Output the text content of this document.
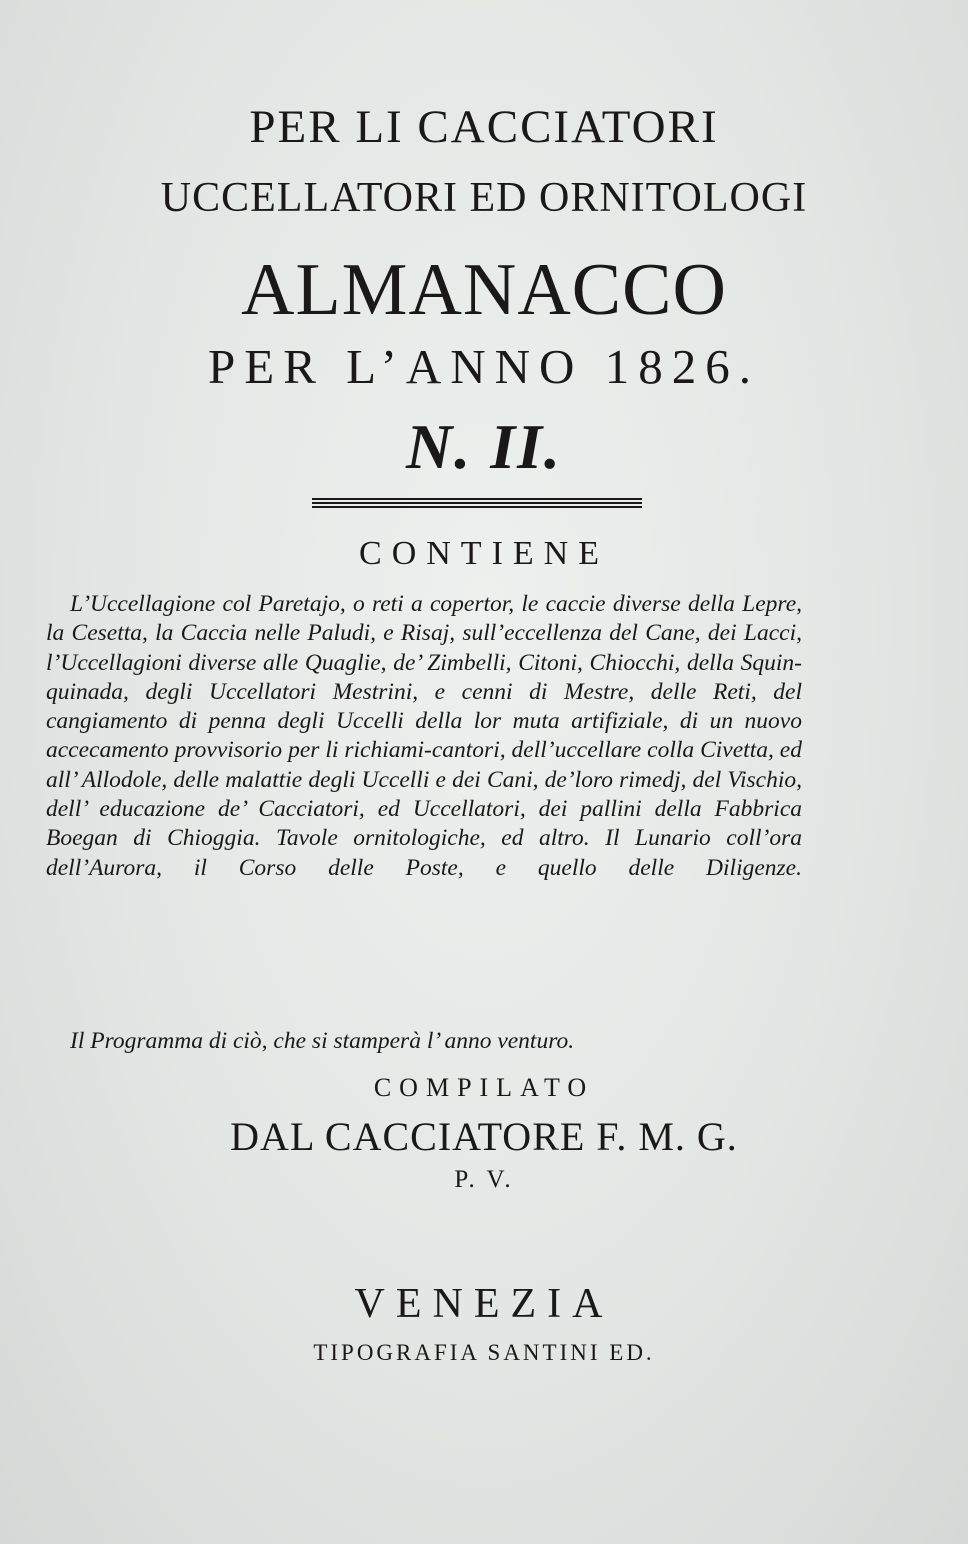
PER LI CACCIATORI

UCCELLATORI ED ORNITOLOGI

ALMANACCO

PER L’ANNO 1826.

N. II.

CONTIENE

L’Uccellagione col Paretajo, o reti a copertor, le caccie diverse della Lepre, la Cesetta, la Caccia nelle Paludi, e Risaj, sull’eccellenza del Cane, dei Lacci, l’Uccellagioni diverse alle Quaglie, de’ Zimbelli, Citoni, Chiocchi, della Squin-quinada, degli Uccellatori Mestrini, e cenni di Mestre, delle Reti, del cangiamento di penna degli Uccelli della lor muta artifiziale, di un nuovo accecamento provvisorio per li richiami-cantori, dell’uccellare colla Civetta, ed all’ Allodole, delle malattie degli Uccelli e dei Cani, de’loro rimedj, del Vischio, dell’ educazione de’ Cacciatori, ed Uccellatori, dei pallini della Fabbrica Boegan di Chioggia. Tavole ornitologiche, ed altro. Il Lunario coll’ora dell’Aurora, il Corso delle Poste, e quello delle Diligenze.

Il Programma di ciò, che si stamperà l’ anno venturo.

COMPILATO

DAL CACCIATORE F. M. G.

P. V.

VENEZIA

TIPOGRAFIA SANTINI ED.
